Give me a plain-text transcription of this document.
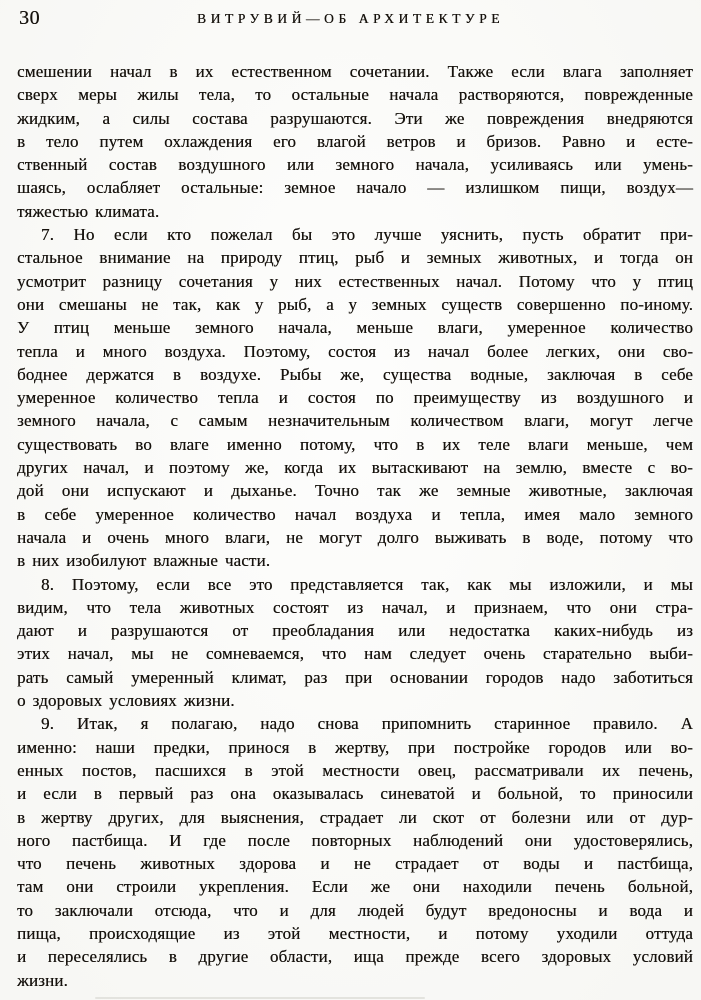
30	ВИТРУВИЙ—ОБ АРХИТЕКТУРЕ
смешении начал в их естественном сочетании. Также если влага заполняет
сверх меры жилы тела, то остальные начала растворяются, поврежденные
жидким, а силы состава разрушаются. Эти же повреждения внедряются
в тело путем охлаждения его влагой ветров и бризов. Равно и есте-
ственный состав воздушного или земного начала, усиливаясь или умень-
шаясь, ослабляет остальные: земное начало — излишком пищи, воздух—
тяжестью климата.
7. Но если кто пожелал бы это лучше уяснить, пусть обратит при-
стальное внимание на природу птиц, рыб и земных животных, и тогда он
усмотрит разницу сочетания у них естественных начал. Потому что у птиц
они смешаны не так, как у рыб, а у земных существ совершенно по-иному.
У птиц меньше земного начала, меньше влаги, умеренное количество
тепла и много воздуха. Поэтому, состоя из начал более легких, они сво-
боднее держатся в воздухе. Рыбы же, существа водные, заключая в себе
умеренное количество тепла и состоя по преимуществу из воздушного и
земного начала, с самым незначительным количеством влаги, могут легче
существовать во влаге именно потому, что в их теле влаги меньше, чем
других начал, и поэтому же, когда их вытаскивают на землю, вместе с во-
дой они испускают и дыханье. Точно так же земные животные, заключая
в себе умеренное количество начал воздуха и тепла, имея мало земного
начала и очень много влаги, не могут долго выживать в воде, потому что
в них изобилуют влажные части.
8. Поэтому, если все это представляется так, как мы изложили, и мы
видим, что тела животных состоят из начал, и признаем, что они стра-
дают и разрушаются от преобладания или недостатка каких-нибудь из
этих начал, мы не сомневаемся, что нам следует очень старательно выби-
рать самый умеренный климат, раз при основании городов надо заботиться
о здоровых условиях жизни.
9. Итак, я полагаю, надо снова припомнить старинное правило. А
именно: наши предки, принося в жертву, при постройке городов или во-
енных постов, пасшихся в этой местности овец, рассматривали их печень,
и если в первый раз она оказывалась синеватой и больной, то приносили
в жертву других, для выяснения, страдает ли скот от болезни или от дур-
ного пастбища. И где после повторных наблюдений они удостоверялись,
что печень животных здорова и не страдает от воды и пастбища,
там они строили укрепления. Если же они находили печень больной,
то заключали отсюда, что и для людей будут вредоносны и вода и
пища, происходящие из этой местности, и потому уходили оттуда
и переселялись в другие области, ища прежде всего здоровых условий
жизни.
